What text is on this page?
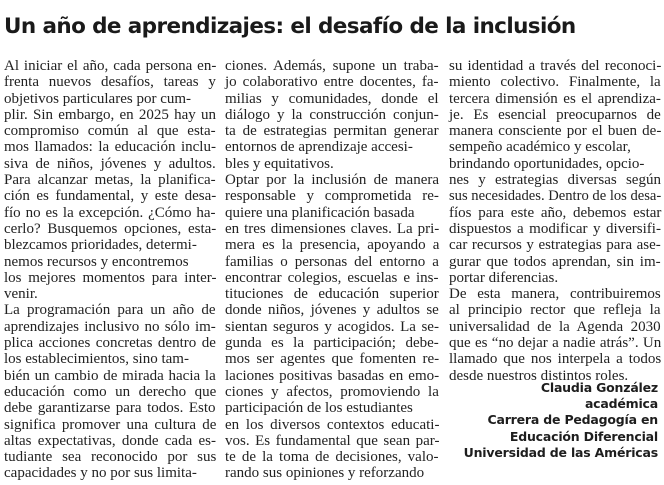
Un año de aprendizajes: el desafío de la inclusión
Al iniciar el año, cada persona en-
frenta nuevos desafíos, tareas y
objetivos particulares por cum-
plir. Sin embargo, en 2025 hay un
compromiso común al que esta-
mos llamados: la educación inclu-
siva de niños, jóvenes y adultos.
Para alcanzar metas, la planifica-
ción es fundamental, y este desa-
fío no es la excepción. ¿Cómo ha-
cerlo? Busquemos opciones, esta-
blezcamos prioridades, determi-
nemos recursos y encontremos
los mejores momentos para inter-
venir.
La programación para un año de
aprendizajes inclusivo no sólo im-
plica acciones concretas dentro de
los establecimientos, sino tam-
bién un cambio de mirada hacia la
educación como un derecho que
debe garantizarse para todos. Esto
significa promover una cultura de
altas expectativas, donde cada es-
tudiante sea reconocido por sus
capacidades y no por sus limita-
ciones. Además, supone un traba-
jo colaborativo entre docentes, fa-
milias y comunidades, donde el
diálogo y la construcción conjun-
ta de estrategias permitan generar
entornos de aprendizaje accesi-
bles y equitativos.
Optar por la inclusión de manera
responsable y comprometida re-
quiere una planificación basada
en tres dimensiones claves. La pri-
mera es la presencia, apoyando a
familias o personas del entorno a
encontrar colegios, escuelas e ins-
tituciones de educación superior
donde niños, jóvenes y adultos se
sientan seguros y acogidos. La se-
gunda es la participación; debe-
mos ser agentes que fomenten re-
laciones positivas basadas en emo-
ciones y afectos, promoviendo la
participación de los estudiantes
en los diversos contextos educati-
vos. Es fundamental que sean par-
te de la toma de decisiones, valo-
rando sus opiniones y reforzando
su identidad a través del reconoci-
miento colectivo. Finalmente, la
tercera dimensión es el aprendiza-
je. Es esencial preocuparnos de
manera consciente por el buen de-
sempeño académico y escolar,
brindando oportunidades, opcio-
nes y estrategias diversas según
sus necesidades. Dentro de los desa-
fíos para este año, debemos estar
dispuestos a modificar y diversifi-
car recursos y estrategias para ase-
gurar que todos aprendan, sin im-
portar diferencias.
De esta manera, contribuiremos
al principio rector que refleja la
universalidad de la Agenda 2030
que es “no dejar a nadie atrás”. Un
llamado que nos interpela a todos
desde nuestros distintos roles.
Claudia González
académica
Carrera de Pedagogía en
Educación Diferencial
Universidad de las Américas
